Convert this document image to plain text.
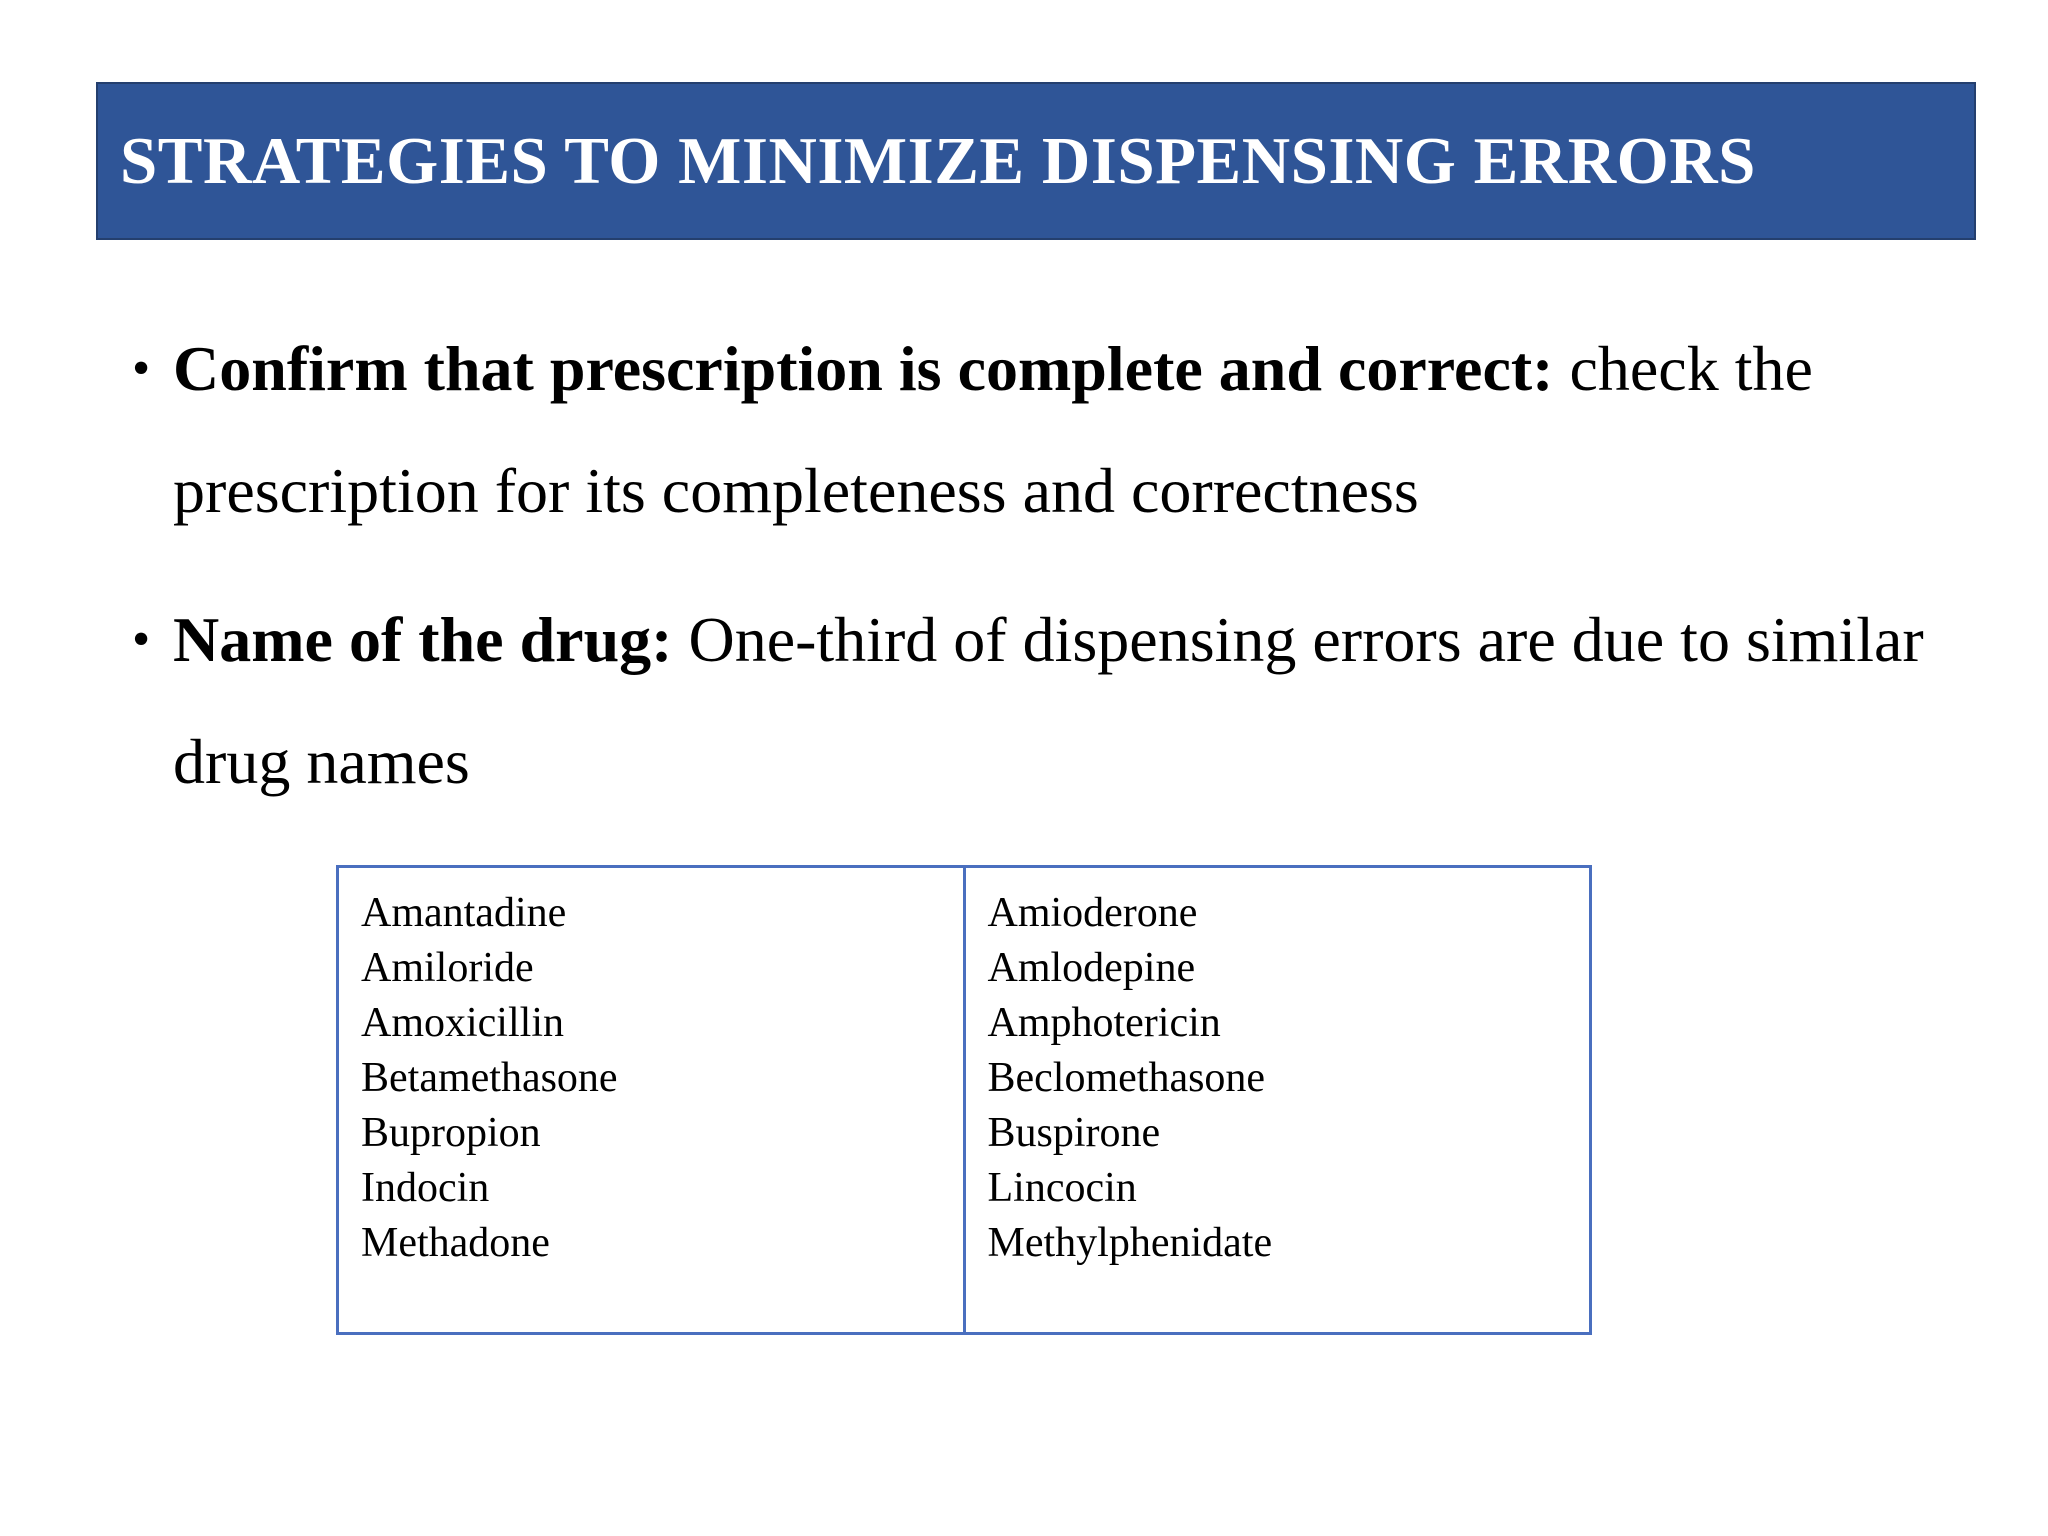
STRATEGIES TO MINIMIZE DISPENSING ERRORS
• Confirm that prescription is complete and correct: check the prescription for its completeness and correctness
• Name of the drug: One-third of dispensing errors are due to similar drug names
Amantadine
Amiloride
Amoxicillin
Betamethasone
Bupropion
Indocin
Methadone
Amioderone
Amlodepine
Amphotericin
Beclomethasone
Buspirone
Lincocin
Methylphenidate
